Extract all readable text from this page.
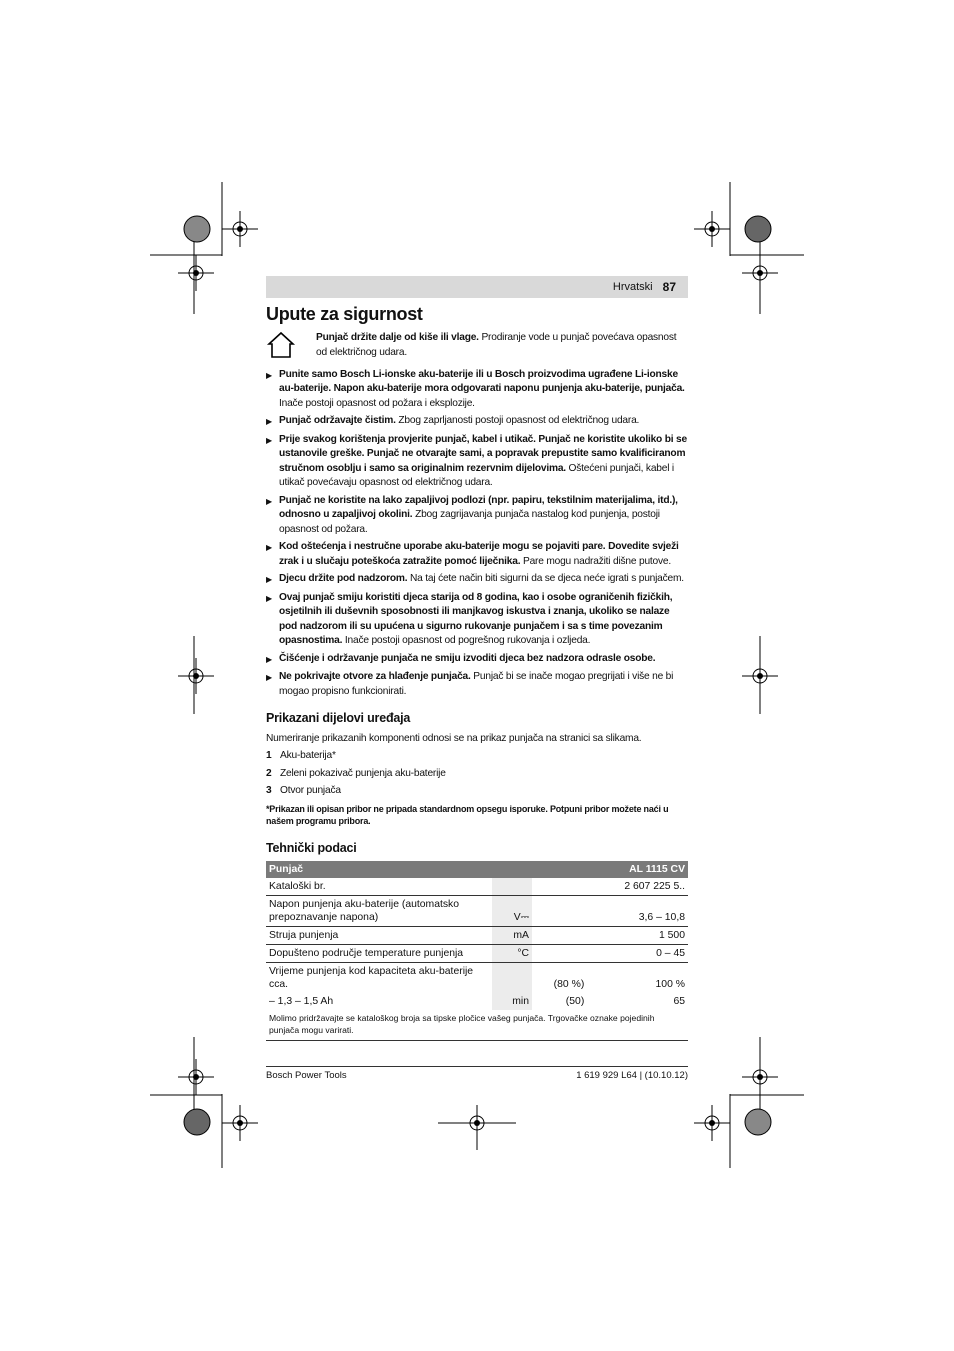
Hrvatski 87
Upute za sigurnost
Punjač držite dalje od kiše ili vlage. Prodiranje vode u punjač povećava opasnost od električnog udara.
▶ Punite samo Bosch Li-ionske aku-baterije ili u Bosch proizvodima ugrađene Li-ionske au-baterije. Napon aku-baterije mora odgovarati naponu punjenja aku-baterije, punjača. Inače postoji opasnost od požara i eksplozije.
▶ Punjač održavajte čistim. Zbog zaprljanosti postoji opasnost od električnog udara.
▶ Prije svakog korištenja provjerite punjač, kabel i utikač. Punjač ne koristite ukoliko bi se ustanovile greške. Punjač ne otvarajte sami, a popravak prepustite samo kvalificiranom stručnom osoblju i samo sa originalnim rezervnim dijelovima. Oštećeni punjači, kabel i utikač povećavaju opasnost od električnog udara.
▶ Punjač ne koristite na lako zapaljivoj podlozi (npr. papiru, tekstilnim materijalima, itd.), odnosno u zapaljivoj okolini. Zbog zagrijavanja punjača nastalog kod punjenja, postoji opasnost od požara.
▶ Kod oštećenja i nestručne uporabe aku-baterije mogu se pojaviti pare. Dovedite svježi zrak i u slučaju poteškoća zatražite pomoć liječnika. Pare mogu nadražiti dišne putove.
▶ Djecu držite pod nadzorom. Na taj ćete način biti sigurni da se djeca neće igrati s punjačem.
▶ Ovaj punjač smiju koristiti djeca starija od 8 godina, kao i osobe ograničenih fizičkih, osjetilnih ili duševnih sposobnosti ili manjkavog iskustva i znanja, ukoliko se nalaze pod nadzorom ili su upućena u sigurno rukovanje punjačem i sa s time povezanim opasnostima. Inače postoji opasnost od pogrešnog rukovanja i ozljeda.
▶ Čišćenje i održavanje punjača ne smiju izvoditi djeca bez nadzora odrasle osobe.
▶ Ne pokrivajte otvore za hlađenje punjača. Punjač bi se inače mogao pregrijati i više ne bi mogao propisno funkcionirati.
Prikazani dijelovi uređaja
Numeriranje prikazanih komponenti odnosi se na prikaz punjača na stranici sa slikama.
1 Aku-baterija*
2 Zeleni pokazivač punjenja aku-baterije
3 Otvor punjača
*Prikazan ili opisan pribor ne pripada standardnom opsegu isporuke. Potpuni pribor možete naći u našem programu pribora.
Tehnički podaci
Punjač			AL 1115 CV
Kataloški br.			2 607 225 5..
Napon punjenja aku-baterije (automatsko prepoznavanje napona)	V⎓		3,6 – 10,8
Struja punjenja	mA		1 500
Dopušteno područje temperature punjenja	°C		0 – 45
Vrijeme punjenja kod kapaciteta aku-baterije cca.		(80 %)	100 %
– 1,3 – 1,5 Ah	min	(50)	65
Molimo pridržavajte se kataloškog broja sa tipske pločice vašeg punjača. Trgovačke oznake pojedinih punjača mogu varirati.
Bosch Power Tools	1 619 929 L64 | (10.10.12)
